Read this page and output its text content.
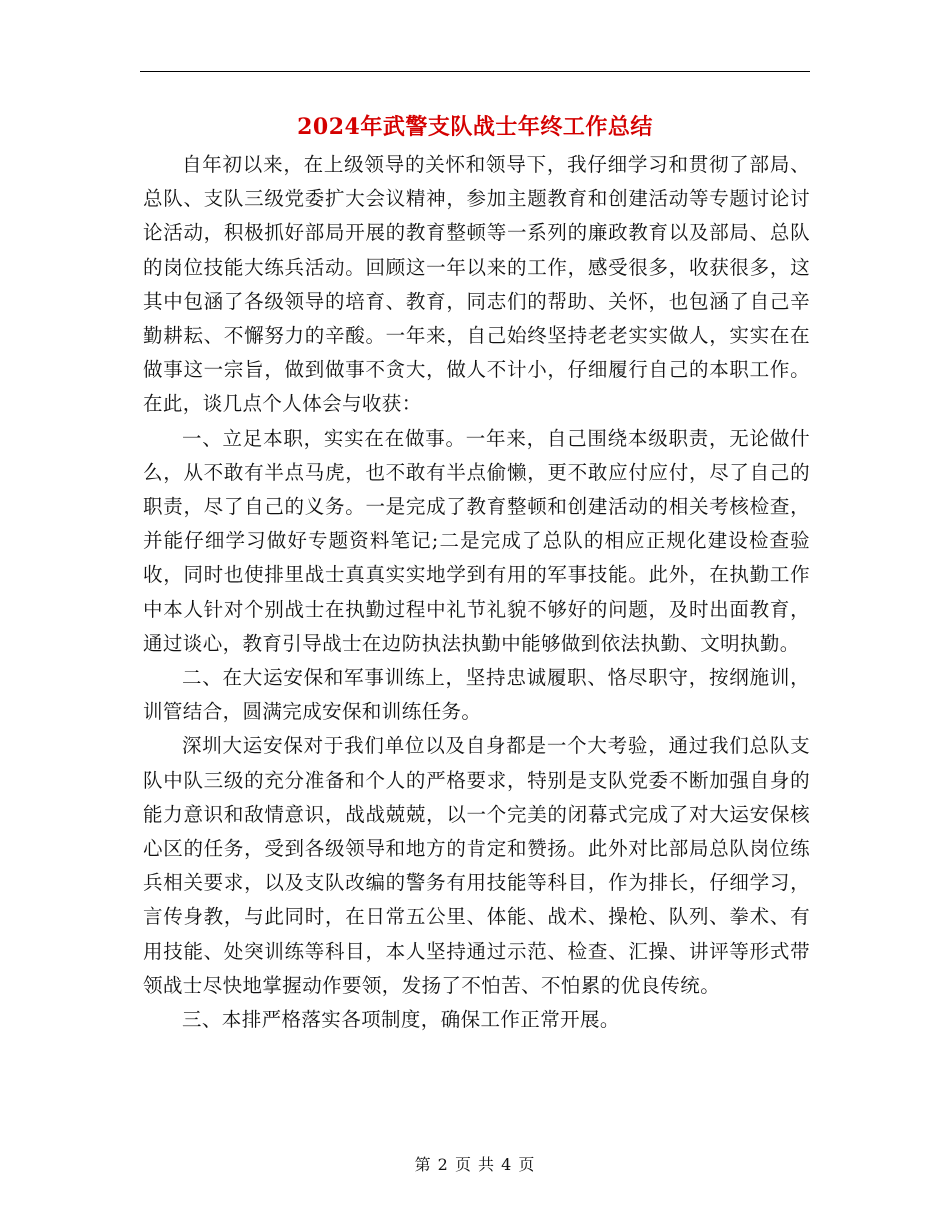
2024年武警支队战士年终工作总结

自年初以来，在上级领导的关怀和领导下，我仔细学习和贯彻了部局、总队、支队三级党委扩大会议精神，参加主题教育和创建活动等专题讨论讨论活动，积极抓好部局开展的教育整顿等一系列的廉政教育以及部局、总队的岗位技能大练兵活动。回顾这一年以来的工作，感受很多，收获很多，这其中包涵了各级领导的培育、教育，同志们的帮助、关怀，也包涵了自己辛勤耕耘、不懈努力的辛酸。一年来，自己始终坚持老老实实做人，实实在在做事这一宗旨，做到做事不贪大，做人不计小，仔细履行自己的本职工作。在此，谈几点个人体会与收获：

一、立足本职，实实在在做事。一年来，自己围绕本级职责，无论做什么，从不敢有半点马虎，也不敢有半点偷懒，更不敢应付应付，尽了自己的职责，尽了自己的义务。一是完成了教育整顿和创建活动的相关考核检查，并能仔细学习做好专题资料笔记;二是完成了总队的相应正规化建设检查验收，同时也使排里战士真真实实地学到有用的军事技能。此外，在执勤工作中本人针对个别战士在执勤过程中礼节礼貌不够好的问题，及时出面教育，通过谈心，教育引导战士在边防执法执勤中能够做到依法执勤、文明执勤。

二、在大运安保和军事训练上，坚持忠诚履职、恪尽职守，按纲施训，训管结合，圆满完成安保和训练任务。

深圳大运安保对于我们单位以及自身都是一个大考验，通过我们总队支队中队三级的充分准备和个人的严格要求，特别是支队党委不断加强自身的能力意识和敌情意识，战战兢兢，以一个完美的闭幕式完成了对大运安保核心区的任务，受到各级领导和地方的肯定和赞扬。此外对比部局总队岗位练兵相关要求，以及支队改编的警务有用技能等科目，作为排长，仔细学习，言传身教，与此同时，在日常五公里、体能、战术、操枪、队列、拳术、有用技能、处突训练等科目，本人坚持通过示范、检查、汇操、讲评等形式带领战士尽快地掌握动作要领，发扬了不怕苦、不怕累的优良传统。

三、本排严格落实各项制度，确保工作正常开展。

第 2 页 共 4 页
